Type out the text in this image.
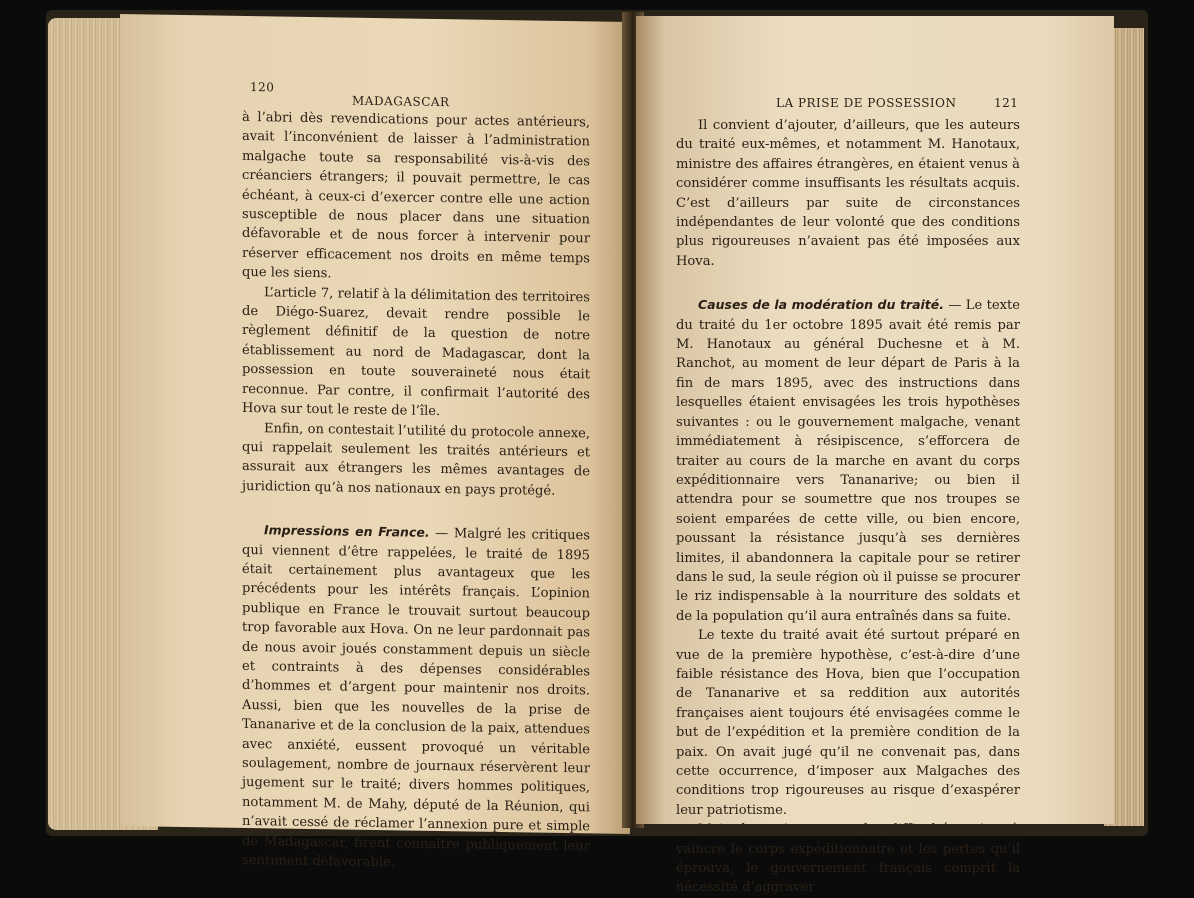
120
MADAGASCAR

à l’abri dès revendications pour actes antérieurs, avait l’inconvénient de laisser à l’administration malgache toute sa responsabilité vis-à-vis des créanciers étrangers; il pouvait permettre, le cas échéant, à ceux-ci d’exercer contre elle une action susceptible de nous placer dans une situation défavorable et de nous forcer à intervenir pour réserver efficacement nos droits en même temps que les siens.

L’article 7, relatif à la délimitation des territoires de Diégo-Suarez, devait rendre possible le règlement définitif de la question de notre établissement au nord de Madagascar, dont la possession en toute souveraineté nous était reconnue. Par contre, il confirmait l’autorité des Hova sur tout le reste de l’île.

Enfin, on contestait l’utilité du protocole annexe, qui rappelait seulement les traités antérieurs et assurait aux étrangers les mêmes avantages de juridiction qu’à nos nationaux en pays protégé.

Impressions en France. — Malgré les critiques qui viennent d’être rappelées, le traité de 1895 était certainement plus avantageux que les précédents pour les intérêts français. L’opinion publique en France le trouvait surtout beaucoup trop favorable aux Hova. On ne leur pardonnait pas de nous avoir joués constamment depuis un siècle et contraints à des dépenses considérables d’hommes et d’argent pour maintenir nos droits. Aussi, bien que les nouvelles de la prise de Tananarive et de la conclusion de la paix, attendues avec anxiété, eussent provoqué un véritable soulagement, nombre de journaux réservèrent leur jugement sur le traité; divers hommes politiques, notamment M. de Mahy, député de la Réunion, qui n’avait cessé de réclamer l’annexion pure et simple de Madagascar, firent connaître publiquement leur sentiment défavorable.

LA PRISE DE POSSESSION	121

Il convient d’ajouter, d’ailleurs, que les auteurs du traité eux-mêmes, et notamment M. Hanotaux, ministre des affaires étrangères, en étaient venus à considérer comme insuffisants les résultats acquis. C’est d’ailleurs par suite de circonstances indépendantes de leur volonté que des conditions plus rigoureuses n’avaient pas été imposées aux Hova.

Causes de la modération du traité. — Le texte du traité du 1er octobre 1895 avait été remis par M. Hanotaux au général Duchesne et à M. Ranchot, au moment de leur départ de Paris à la fin de mars 1895, avec des instructions dans lesquelles étaient envisagées les trois hypothèses suivantes : ou le gouvernement malgache, venant immédiatement à résipiscence, s’efforcera de traiter au cours de la marche en avant du corps expéditionnaire vers Tananarive; ou bien il attendra pour se soumettre que nos troupes se soient emparées de cette ville, ou bien encore, poussant la résistance jusqu’à ses dernières limites, il abandonnera la capitale pour se retirer dans le sud, la seule région où il puisse se procurer le riz indispensable à la nourriture des soldats et de la population qu’il aura entraînés dans sa fuite.

Le texte du traité avait été surtout préparé en vue de la première hypothèse, c’est-à-dire d’une faible résistance des Hova, bien que l’occupation de Tananarive et sa reddition aux autorités françaises aient toujours été envisagées comme le but de l’expédition et la première condition de la paix. On avait jugé qu’il ne convenait pas, dans cette occurrence, d’imposer aux Malgaches des conditions trop rigoureuses au risque d’exaspérer leur patriotisme.

Mais, lorsqu’on connut les difficultés qu’eut à vaincre le corps expéditionnaire et les pertes qu’il éprouva, le gouvernement français comprit la nécessité d’aggraver
